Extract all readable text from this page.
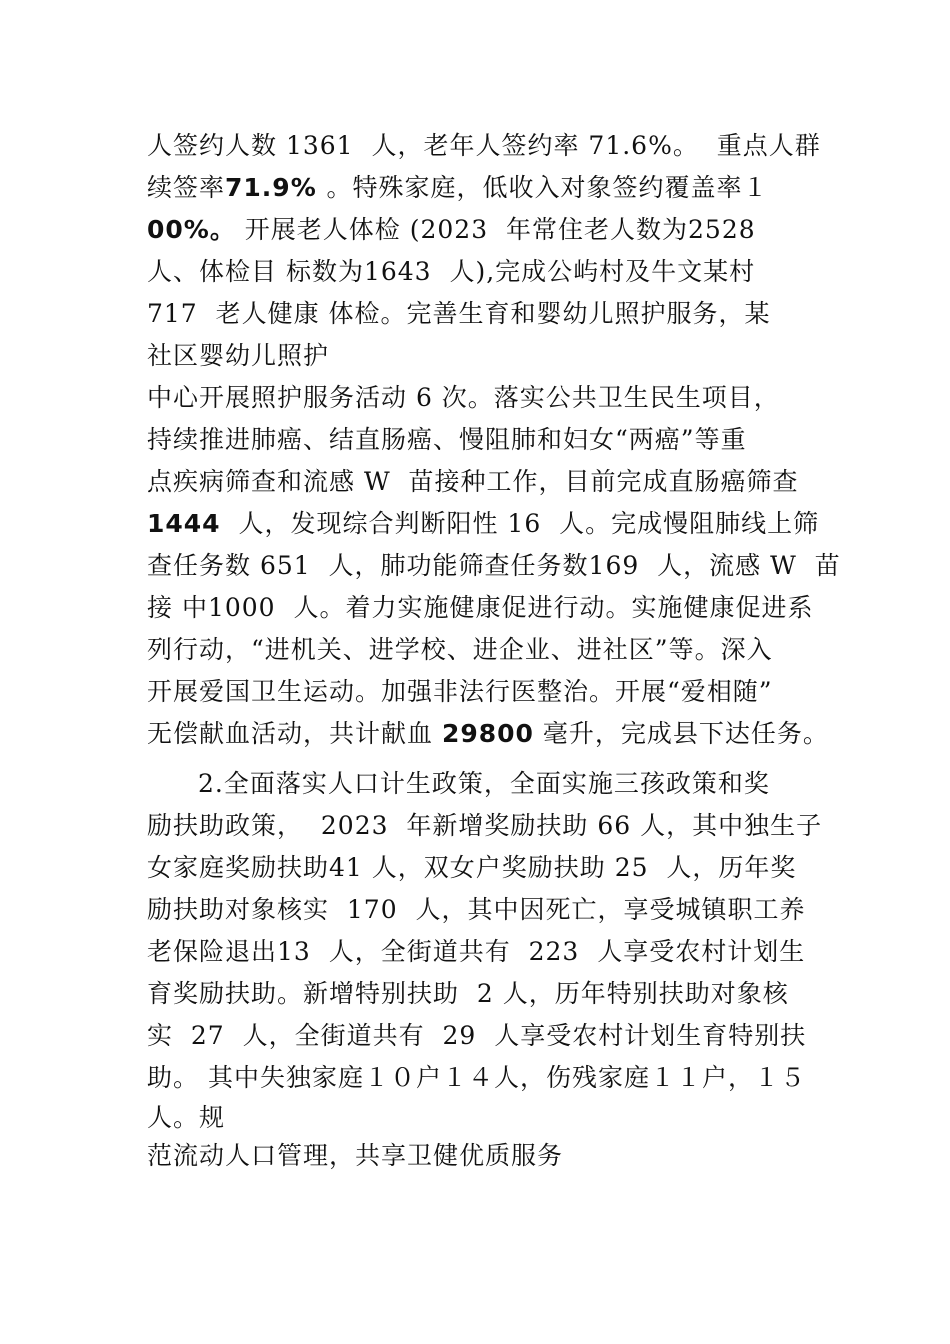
人签约人数 1361  人，老年人签约率 71.6%。  重点人群
续签率71.9% 。特殊家庭，低收入对象签约覆盖率１
00%。 开展老人体检 (2023  年常住老人数为2528
人、体检目 标数为1643  人),完成公屿村及牛文某村
717  老人健康 体检。完善生育和婴幼儿照护服务，某
社区婴幼儿照护
中心开展照护服务活动 6 次。落实公共卫生民生项目，
持续推进肺癌、结直肠癌、慢阻肺和妇女“两癌”等重
点疾病筛查和流感 W  苗接种工作，目前完成直肠癌筛查
1444  人，发现综合判断阳性 16  人。完成慢阻肺线上筛
查任务数 651  人，肺功能筛查任务数169  人，流感 W  苗
接 中1000  人。着力实施健康促进行动。实施健康促进系
列行动，“进机关、进学校、进企业、进社区”等。深入
开展爱国卫生运动。加强非法行医整治。开展“爱相随”
无偿献血活动，共计献血 29800 毫升，完成县下达任务。
2.全面落实人口计生政策，全面实施三孩政策和奖
励扶助政策，  2023  年新增奖励扶助 66 人，其中独生子
女家庭奖励扶助41 人，双女户奖励扶助 25  人，历年奖
励扶助对象核实  170  人，其中因死亡，享受城镇职工养
老保险退出13  人，全街道共有  223  人享受农村计划生
育奖励扶助。新增特别扶助  2 人，历年特别扶助对象核
实  27  人，全街道共有  29  人享受农村计划生育特别扶
助。 其中失独家庭１０户１４人，伤残家庭１１户，１５
人。规
范流动人口管理，共享卫健优质服务
